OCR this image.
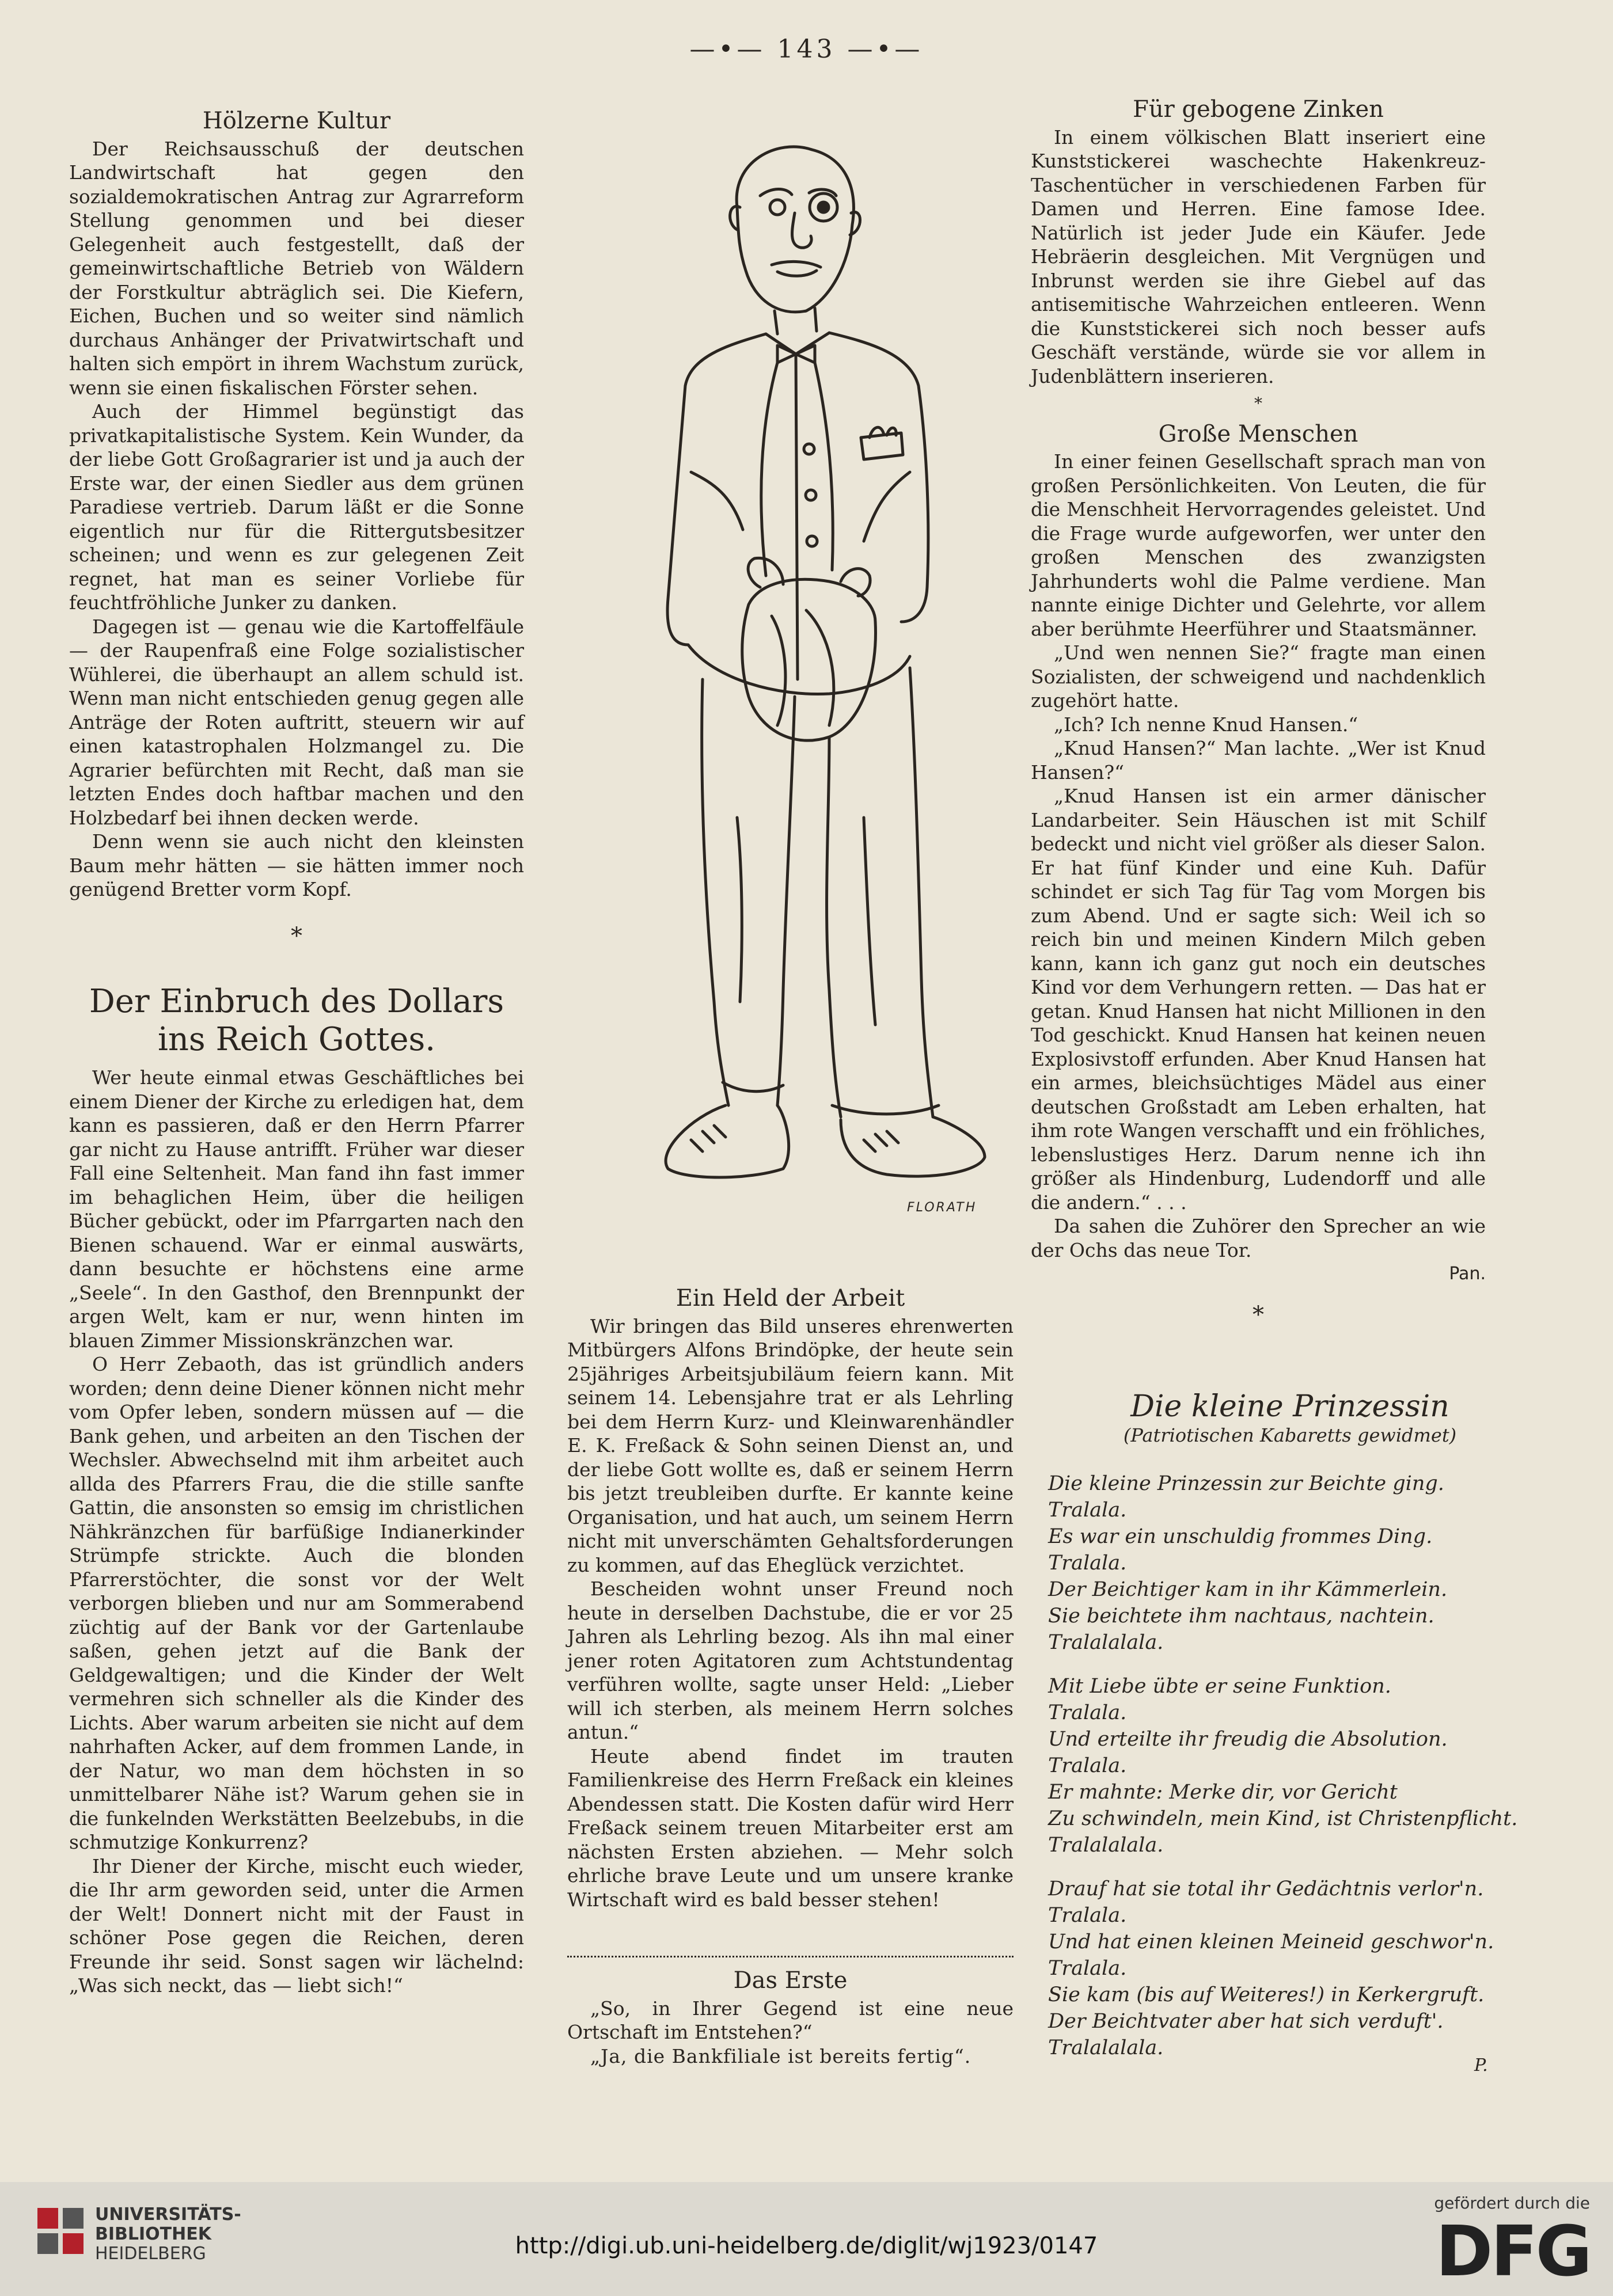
—•— 143 —•—
Hölzerne Kultur

Der Reichsausschuß der deutschen Landwirtschaft hat gegen den sozialdemokratischen Antrag zur Agrarreform Stellung genommen und bei dieser Gelegenheit auch festgestellt, daß der gemeinwirtschaftliche Betrieb von Wäldern der Forstkultur abträglich sei. Die Kiefern, Eichen, Buchen und so weiter sind nämlich durchaus Anhänger der Privatwirtschaft und halten sich empört in ihrem Wachstum zurück, wenn sie einen fiskalischen Förster sehen.

Auch der Himmel begünstigt das privatkapitalistische System. Kein Wunder, da der liebe Gott Großagrarier ist und ja auch der Erste war, der einen Siedler aus dem grünen Paradiese vertrieb. Darum läßt er die Sonne eigentlich nur für die Rittergutsbesitzer scheinen; und wenn es zur gelegenen Zeit regnet, hat man es seiner Vorliebe für feuchtfröhliche Junker zu danken.

Dagegen ist — genau wie die Kartoffelfäule — der Raupenfraß eine Folge sozialistischer Wühlerei, die überhaupt an allem schuld ist. Wenn man nicht entschieden genug gegen alle Anträge der Roten auftritt, steuern wir auf einen katastrophalen Holzmangel zu. Die Agrarier befürchten mit Recht, daß man sie letzten Endes doch haftbar machen und den Holzbedarf bei ihnen decken werde.

Denn wenn sie auch nicht den kleinsten Baum mehr hätten — sie hätten immer noch genügend Bretter vorm Kopf.

*
Der Einbruch des Dollars ins Reich Gottes.

Wer heute einmal etwas Geschäftliches bei einem Diener der Kirche zu erledigen hat, dem kann es passieren, daß er den Herrn Pfarrer gar nicht zu Hause antrifft. Früher war dieser Fall eine Seltenheit. Man fand ihn fast immer im behaglichen Heim, über die heiligen Bücher gebückt, oder im Pfarrgarten nach den Bienen schauend. War er einmal auswärts, dann besuchte er höchstens eine arme „Seele“. In den Gasthof, den Brennpunkt der argen Welt, kam er nur, wenn hinten im blauen Zimmer Missionskränzchen war.

O Herr Zebaoth, das ist gründlich anders worden; denn deine Diener können nicht mehr vom Opfer leben, sondern müssen auf — die Bank gehen, und arbeiten an den Tischen der Wechsler. Abwechselnd mit ihm arbeitet auch allda des Pfarrers Frau, die die stille sanfte Gattin, die ansonsten so emsig im christlichen Nähkränzchen für barfüßige Indianerkinder Strümpfe strickte. Auch die blonden Pfarrerstöchter, die sonst vor der Welt verborgen blieben und nur am Sommerabend züchtig auf der Bank vor der Gartenlaube saßen, gehen jetzt auf die Bank der Geldgewaltigen; und die Kinder der Welt vermehren sich schneller als die Kinder des Lichts. Aber warum arbeiten sie nicht auf dem nahrhaften Acker, auf dem frommen Lande, in der Natur, wo man dem höchsten in so unmittelbarer Nähe ist? Warum gehen sie in die funkelnden Werkstätten Beelzebubs, in die schmutzige Konkurrenz?

Ihr Diener der Kirche, mischt euch wieder, die Ihr arm geworden seid, unter die Armen der Welt! Donnert nicht mit der Faust in schöner Pose gegen die Reichen, deren Freunde ihr seid. Sonst sagen wir lächelnd: „Was sich neckt, das — liebt sich!“

FLORATH
Ein Held der Arbeit

Wir bringen das Bild unseres ehrenwerten Mitbürgers Alfons Brindöpke, der heute sein 25jähriges Arbeitsjubiläum feiern kann. Mit seinem 14. Lebensjahre trat er als Lehrling bei dem Herrn Kurz- und Kleinwarenhändler E. K. Freßack & Sohn seinen Dienst an, und der liebe Gott wollte es, daß er seinem Herrn bis jetzt treubleiben durfte. Er kannte keine Organisation, und hat auch, um seinem Herrn nicht mit unverschämten Gehaltsforderungen zu kommen, auf das Eheglück verzichtet.

Bescheiden wohnt unser Freund noch heute in derselben Dachstube, die er vor 25 Jahren als Lehrling bezog. Als ihn mal einer jener roten Agitatoren zum Achtstundentag verführen wollte, sagte unser Held: „Lieber will ich sterben, als meinem Herrn solches antun.“

Heute abend findet im trauten Familienkreise des Herrn Freßack ein kleines Abendessen statt. Die Kosten dafür wird Herr Freßack seinem treuen Mitarbeiter erst am nächsten Ersten abziehen. — Mehr solch ehrliche brave Leute und um unsere kranke Wirtschaft wird es bald besser stehen!

Das Erste

„So, in Ihrer Gegend ist eine neue Ortschaft im Entstehen?“

„Ja, die Bankfiliale ist bereits fertig“.

Für gebogene Zinken

In einem völkischen Blatt inseriert eine Kunststickerei waschechte Hakenkreuz-Taschentücher in verschiedenen Farben für Damen und Herren. Eine famose Idee. Natürlich ist jeder Jude ein Käufer. Jede Hebräerin desgleichen. Mit Vergnügen und Inbrunst werden sie ihre Giebel auf das antisemitische Wahrzeichen entleeren. Wenn die Kunststickerei sich noch besser aufs Geschäft verstände, würde sie vor allem in Judenblättern inserieren.

*
Große Menschen

In einer feinen Gesellschaft sprach man von großen Persönlichkeiten. Von Leuten, die für die Menschheit Hervorragendes geleistet. Und die Frage wurde aufgeworfen, wer unter den großen Menschen des zwanzigsten Jahrhunderts wohl die Palme verdiene. Man nannte einige Dichter und Gelehrte, vor allem aber berühmte Heerführer und Staatsmänner.

„Und wen nennen Sie?“ fragte man einen Sozialisten, der schweigend und nachdenklich zugehört hatte.

„Ich? Ich nenne Knud Hansen.“

„Knud Hansen?“ Man lachte. „Wer ist Knud Hansen?“

„Knud Hansen ist ein armer dänischer Landarbeiter. Sein Häuschen ist mit Schilf bedeckt und nicht viel größer als dieser Salon. Er hat fünf Kinder und eine Kuh. Dafür schindet er sich Tag für Tag vom Morgen bis zum Abend. Und er sagte sich: Weil ich so reich bin und meinen Kindern Milch geben kann, kann ich ganz gut noch ein deutsches Kind vor dem Verhungern retten. — Das hat er getan. Knud Hansen hat nicht Millionen in den Tod geschickt. Knud Hansen hat keinen neuen Explosivstoff erfunden. Aber Knud Hansen hat ein armes, bleichsüchtiges Mädel aus einer deutschen Großstadt am Leben erhalten, hat ihm rote Wangen verschafft und ein fröhliches, lebenslustiges Herz. Darum nenne ich ihn größer als Hindenburg, Ludendorff und alle die andern.“ . . .

Da sahen die Zuhörer den Sprecher an wie der Ochs das neue Tor.

Pan.
*
Die kleine Prinzessin
(Patriotischen Kabaretts gewidmet)
Die kleine Prinzessin zur Beichte ging.
Tralala.
Es war ein unschuldig frommes Ding.
Tralala.
Der Beichtiger kam in ihr Kämmerlein.
Sie beichtete ihm nachtaus, nachtein.
Tralalalala.
Mit Liebe übte er seine Funktion.
Tralala.
Und erteilte ihr freudig die Absolution.
Tralala.
Er mahnte: Merke dir, vor Gericht
Zu schwindeln, mein Kind, ist Christenpflicht.
Tralalalala.
Drauf hat sie total ihr Gedächtnis verlor'n.
Tralala.
Und hat einen kleinen Meineid geschwor'n.
Tralala.
Sie kam (bis auf Weiteres!) in Kerkergruft.
Der Beichtvater aber hat sich verduft'.
Tralalalala.
P.
UNIVERSITÄTS-
BIBLIOTHEK
HEIDELBERG	http://digi.ub.uni-heidelberg.de/diglit/wj1923/0147
gefördert durch die
DFG
